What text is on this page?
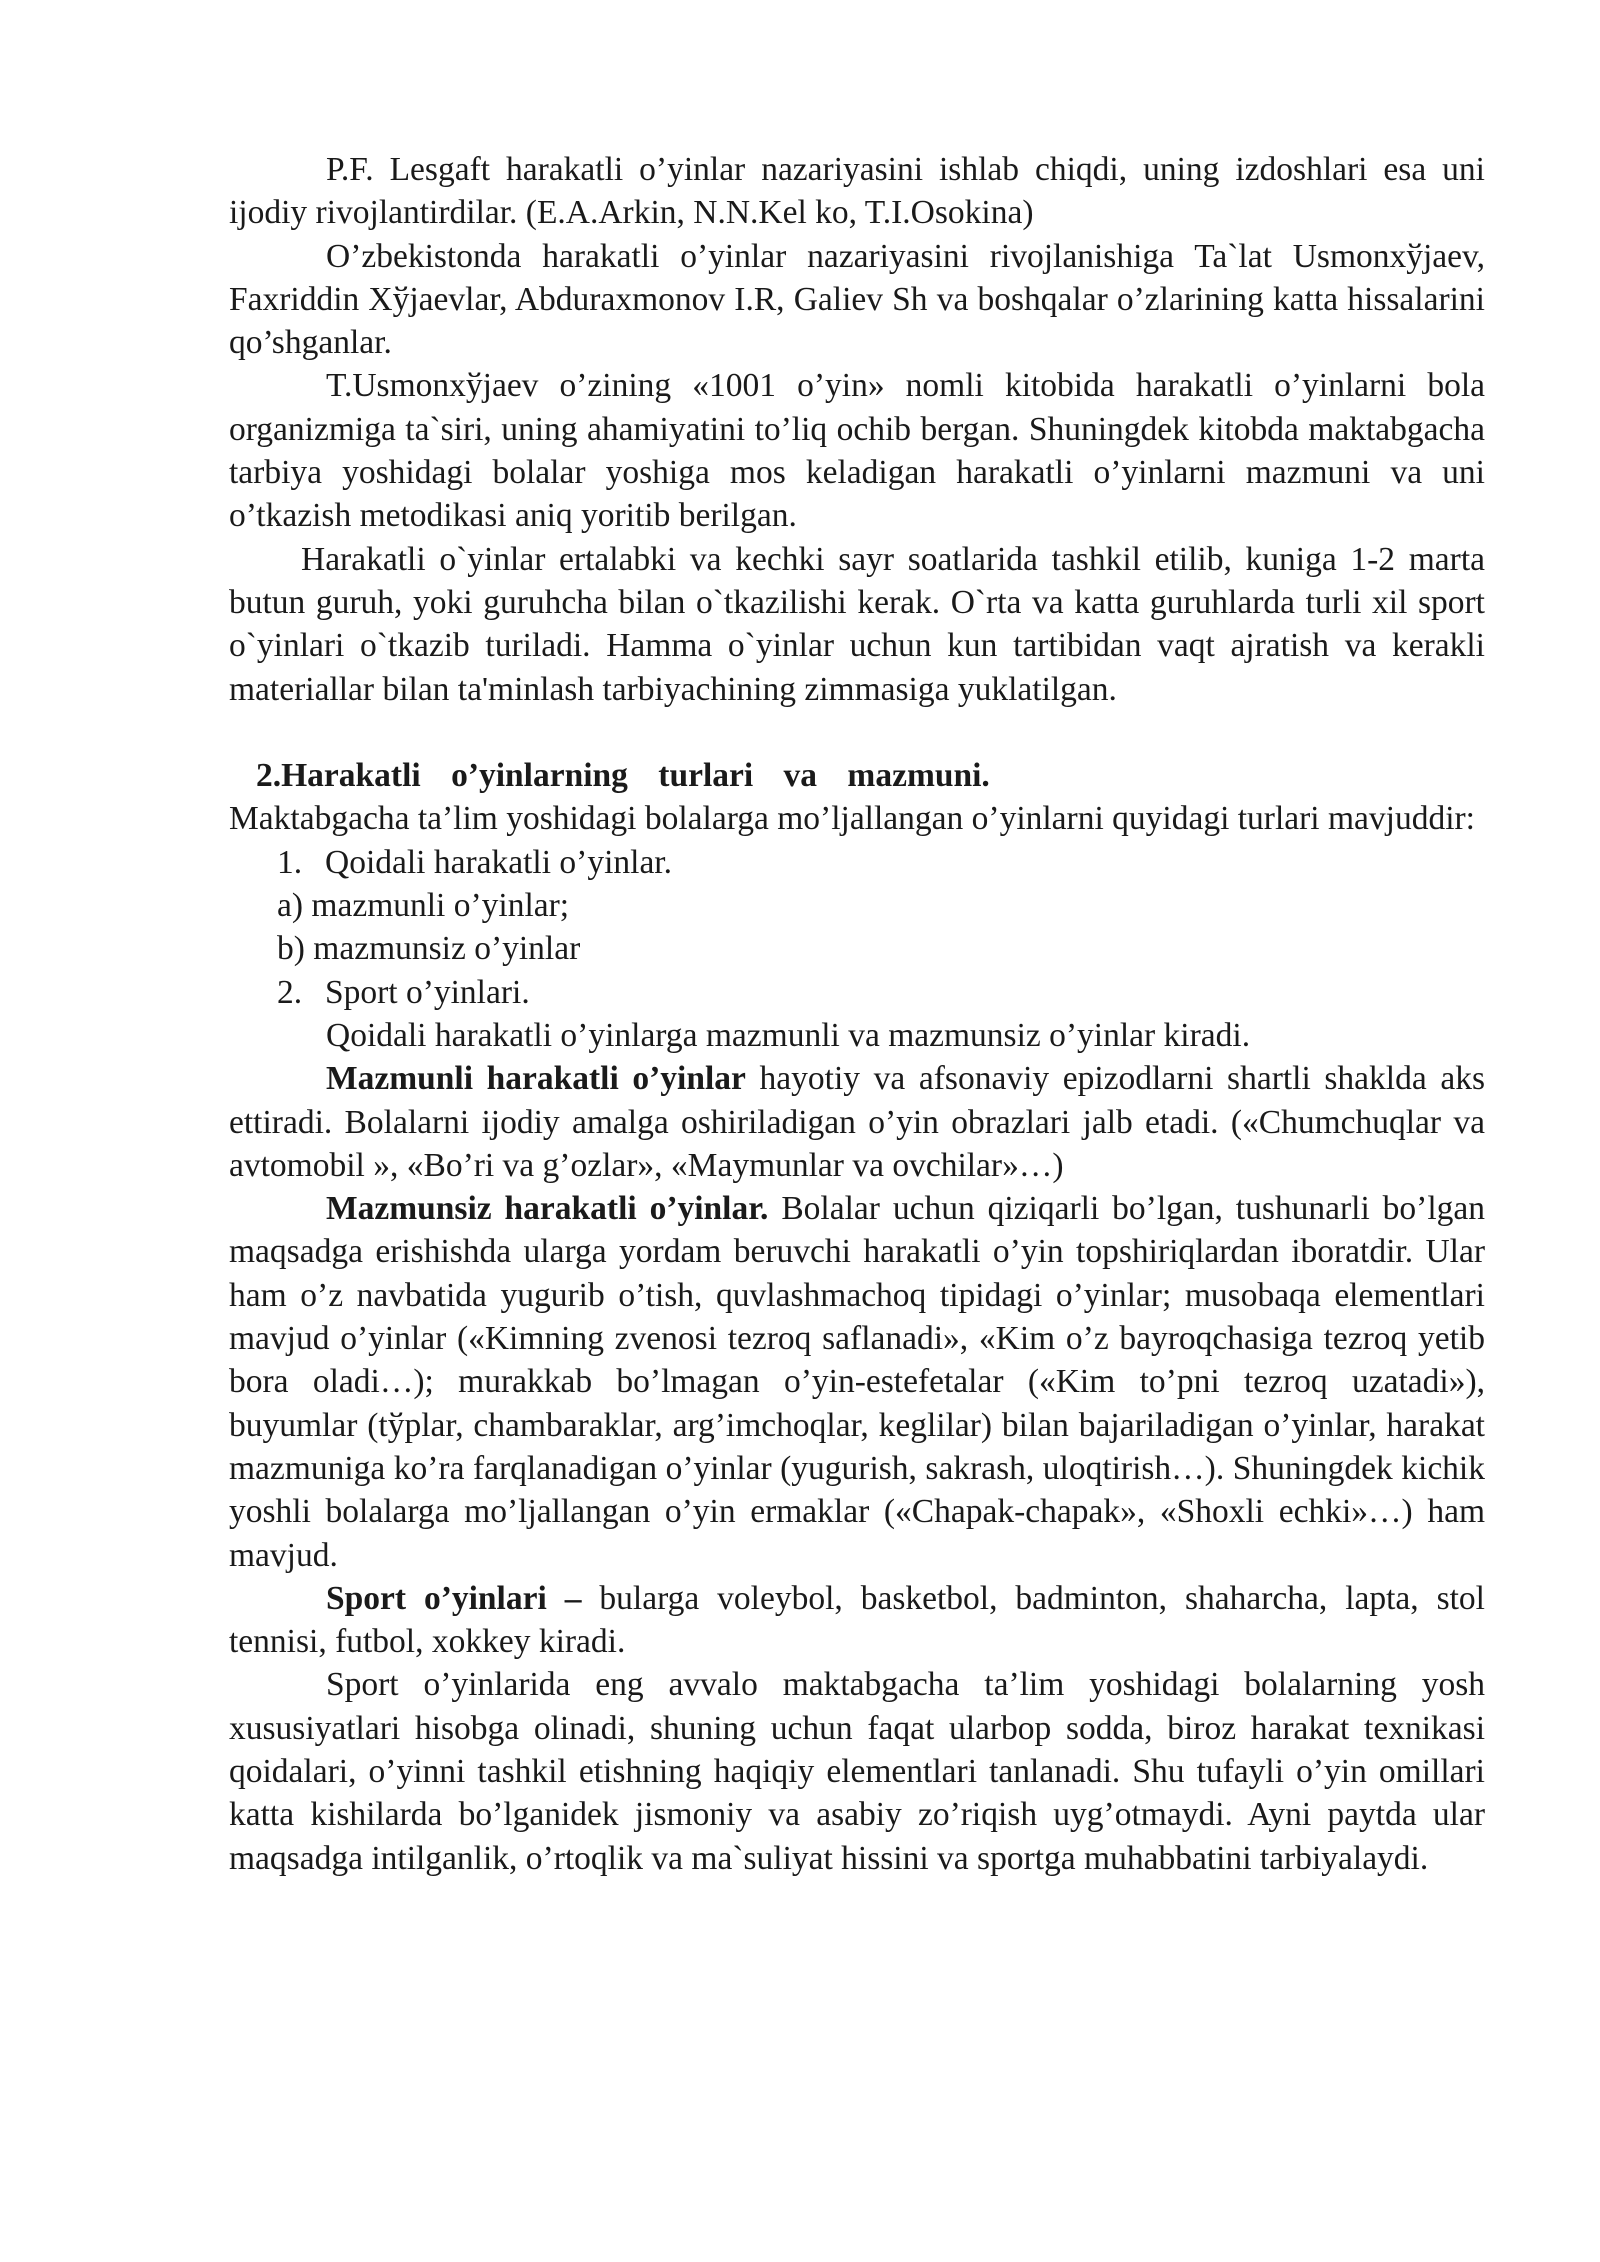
P.F. Lesgaft harakatli o’yinlar nazariyasini ishlab chiqdi, uning izdoshlari esa uni ijodiy rivojlantirdilar. (E.A.Arkin, N.N.Kel ko, T.I.Osokina)

O’zbekistonda harakatli o’yinlar nazariyasini rivojlanishiga Ta`lat Usmonxўjaev, Faxriddin Xўjaevlar, Abduraxmonov I.R, Galiev Sh va boshqalar o’zlarining katta hissalarini qo’shganlar.

T.Usmonxўjaev o’zining «1001 o’yin» nomli kitobida harakatli o’yinlarni bola organizmiga ta`siri, uning ahamiyatini to’liq ochib bergan. Shuningdek kitobda maktabgacha tarbiya yoshidagi bolalar yoshiga mos keladigan harakatli o’yinlarni mazmuni va uni o’tkazish metodikasi aniq yoritib berilgan.

Harakatli o`yinlar ertalabki va kechki sayr soatlarida tashkil etilib, kuniga 1-2 marta butun guruh, yoki guruhcha bilan o`tkazilishi kerak. O`rta va katta guruhlarda turli xil sport o`yinlari o`tkazib turiladi. Hamma o`yinlar uchun kun tartibidan vaqt ajratish va kerakli materiallar bilan ta'minlash tarbiyachining zimmasiga yuklatilgan.

2.Harakatli o’yinlarning turlari va mazmuni.

Maktabgacha ta’lim yoshidagi bolalarga mo’ljallangan o’yinlarni quyidagi turlari mavjuddir:

1. Qoidali harakatli o’yinlar.

a) mazmunli o’yinlar;

b) mazmunsiz o’yinlar

2. Sport o’yinlari.

Qoidali harakatli o’yinlarga mazmunli va mazmunsiz o’yinlar kiradi.

Mazmunli harakatli o’yinlar hayotiy va afsonaviy epizodlarni shartli shaklda aks ettiradi. Bolalarni ijodiy amalga oshiriladigan o’yin obrazlari jalb etadi. («Chumchuqlar va avtomobil », «Bo’ri va g’ozlar», «Maymunlar va ovchilar»…)

Mazmunsiz harakatli o’yinlar. Bolalar uchun qiziqarli bo’lgan, tushunarli bo’lgan maqsadga erishishda ularga yordam beruvchi harakatli o’yin topshiriqlardan iboratdir. Ular ham o’z navbatida yugurib o’tish, quvlashmachoq tipidagi o’yinlar; musobaqa elementlari mavjud o’yinlar («Kimning zvenosi tezroq saflanadi», «Kim o’z bayroqchasiga tezroq yetib bora oladi…); murakkab bo’lmagan o’yin-estefetalar («Kim to’pni tezroq uzatadi»), buyumlar (tўplar, chambaraklar, arg’imchoqlar, keglilar) bilan bajariladigan o’yinlar, harakat mazmuniga ko’ra farqlanadigan o’yinlar (yugurish, sakrash, uloqtirish…). Shuningdek kichik yoshli bolalarga mo’ljallangan o’yin ermaklar («Chapak-chapak», «Shoxli echki»…) ham mavjud.

Sport o’yinlari – bularga voleybol, basketbol, badminton, shaharcha, lapta, stol tennisi, futbol, xokkey kiradi.

Sport o’yinlarida eng avvalo maktabgacha ta’lim yoshidagi bolalarning yosh xususiyatlari hisobga olinadi, shuning uchun faqat ularbop sodda, biroz harakat texnikasi qoidalari, o’yinni tashkil etishning haqiqiy elementlari tanlanadi. Shu tufayli o’yin omillari katta kishilarda bo’lganidek jismoniy va asabiy zo’riqish uyg’otmaydi. Ayni paytda ular maqsadga intilganlik, o’rtoqlik va ma`suliyat hissini va sportga muhabbatini tarbiyalaydi.
